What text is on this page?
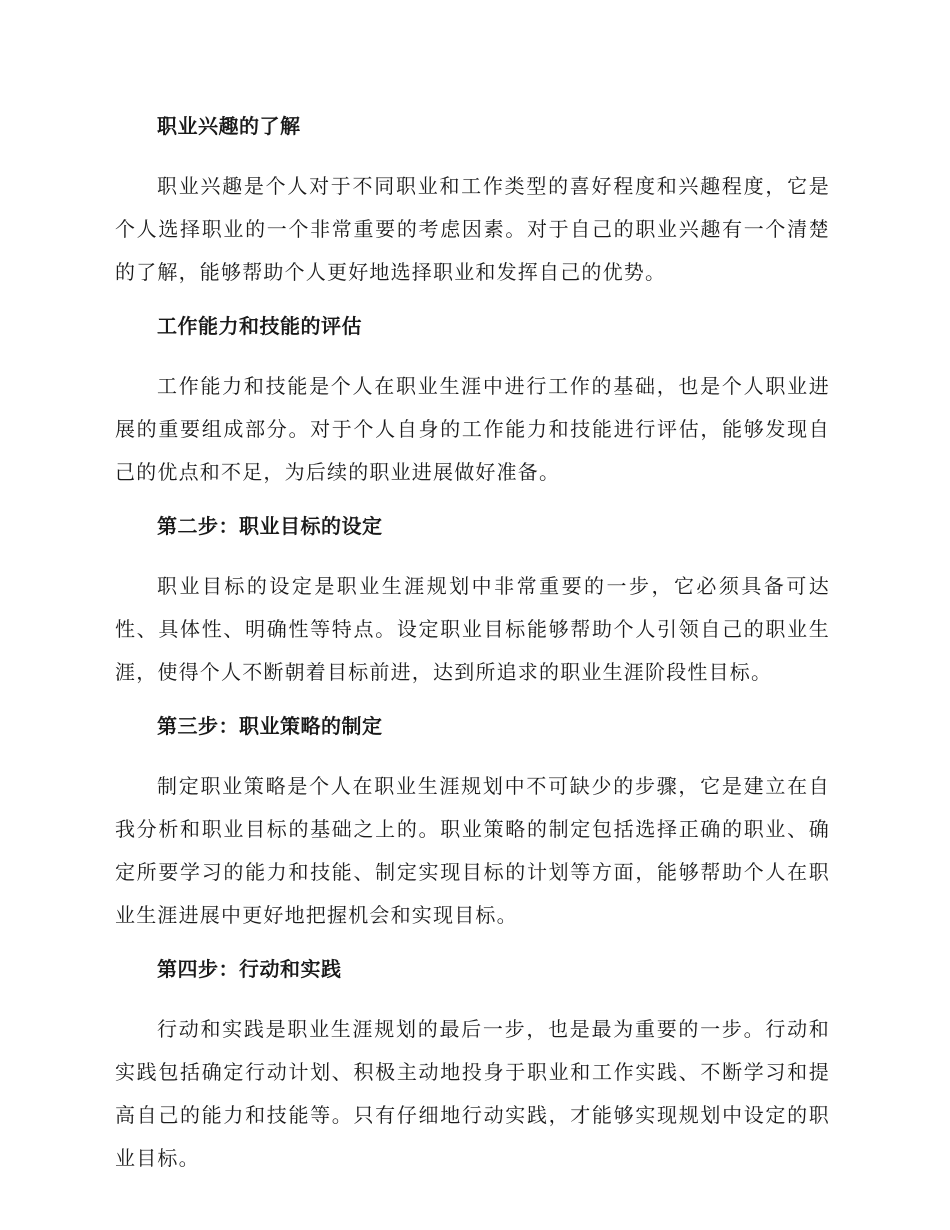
职业兴趣的了解

职业兴趣是个人对于不同职业和工作类型的喜好程度和兴趣程度，它是个人选择职业的一个非常重要的考虑因素。对于自己的职业兴趣有一个清楚的了解，能够帮助个人更好地选择职业和发挥自己的优势。

工作能力和技能的评估

工作能力和技能是个人在职业生涯中进行工作的基础，也是个人职业进展的重要组成部分。对于个人自身的工作能力和技能进行评估，能够发现自己的优点和不足，为后续的职业进展做好准备。

第二步：职业目标的设定

职业目标的设定是职业生涯规划中非常重要的一步，它必须具备可达性、具体性、明确性等特点。设定职业目标能够帮助个人引领自己的职业生涯，使得个人不断朝着目标前进，达到所追求的职业生涯阶段性目标。

第三步：职业策略的制定

制定职业策略是个人在职业生涯规划中不可缺少的步骤，它是建立在自我分析和职业目标的基础之上的。职业策略的制定包括选择正确的职业、确定所要学习的能力和技能、制定实现目标的计划等方面，能够帮助个人在职业生涯进展中更好地把握机会和实现目标。

第四步：行动和实践

行动和实践是职业生涯规划的最后一步，也是最为重要的一步。行动和实践包括确定行动计划、积极主动地投身于职业和工作实践、不断学习和提高自己的能力和技能等。只有仔细地行动实践，才能够实现规划中设定的职业目标。
